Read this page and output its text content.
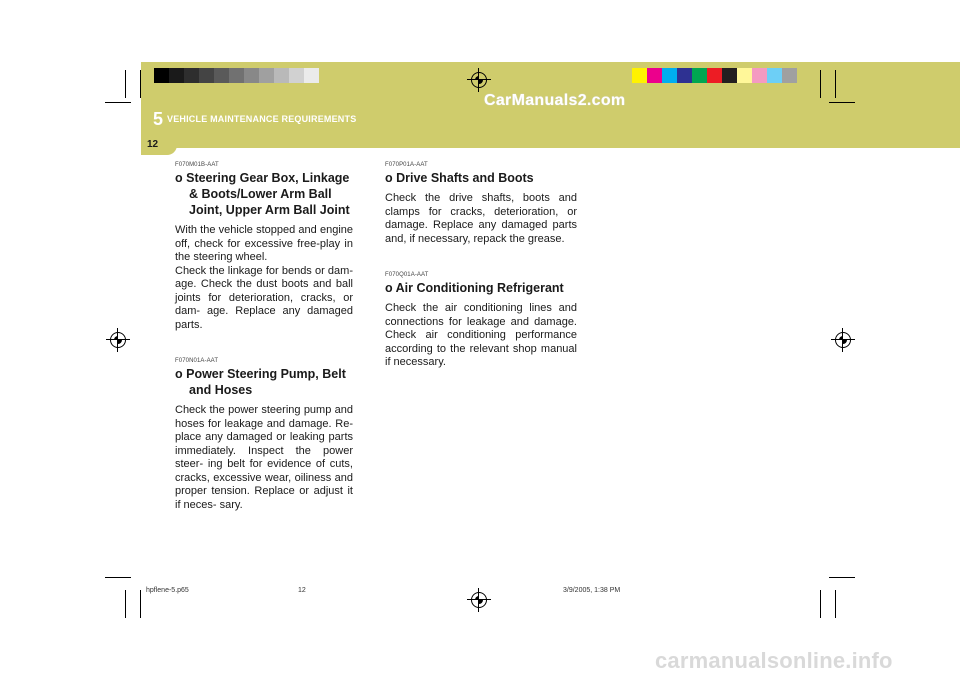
5 VEHICLE MAINTENANCE REQUIREMENTS
12
CarManuals2.com
F070M01B-AAT
o Steering Gear Box, Linkage & Boots/Lower Arm Ball Joint, Upper Arm Ball Joint

With the vehicle stopped and engine off, check for excessive free-play in the steering wheel.

Check the linkage for bends or dam- age. Check the dust boots and ball joints for deterioration, cracks, or dam- age. Replace any damaged parts.

F070N01A-AAT
o Power Steering Pump, Belt and Hoses

Check the power steering pump and hoses for leakage and damage. Re- place any damaged or leaking parts immediately. Inspect the power steer- ing belt for evidence of cuts, cracks, excessive wear, oiliness and proper tension. Replace or adjust it if neces- sary.

F070P01A-AAT
o Drive Shafts and Boots

Check the drive shafts, boots and clamps for cracks, deterioration, or damage. Replace any damaged parts and, if necessary, repack the grease.

F070Q01A-AAT
o Air Conditioning Refrigerant

Check the air conditioning lines and connections for leakage and damage. Check air conditioning performance according to the relevant shop manual if necessary.

hpflene-5.p65	12	3/9/2005, 1:38 PM
carmanualsonline.info
